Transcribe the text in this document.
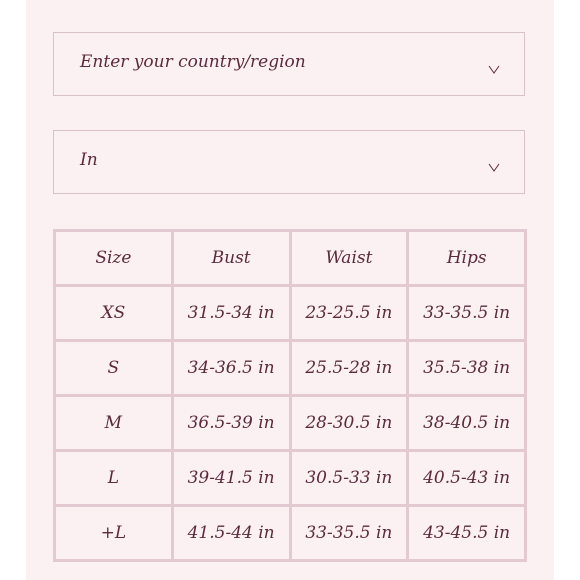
Enter your country/region
In
Size	Bust	Waist	Hips
XS	31.5-34 in	23-25.5 in	33-35.5 in
S	34-36.5 in	25.5-28 in	35.5-38 in
M	36.5-39 in	28-30.5 in	38-40.5 in
L	39-41.5 in	30.5-33 in	40.5-43 in
+L	41.5-44 in	33-35.5 in	43-45.5 in
